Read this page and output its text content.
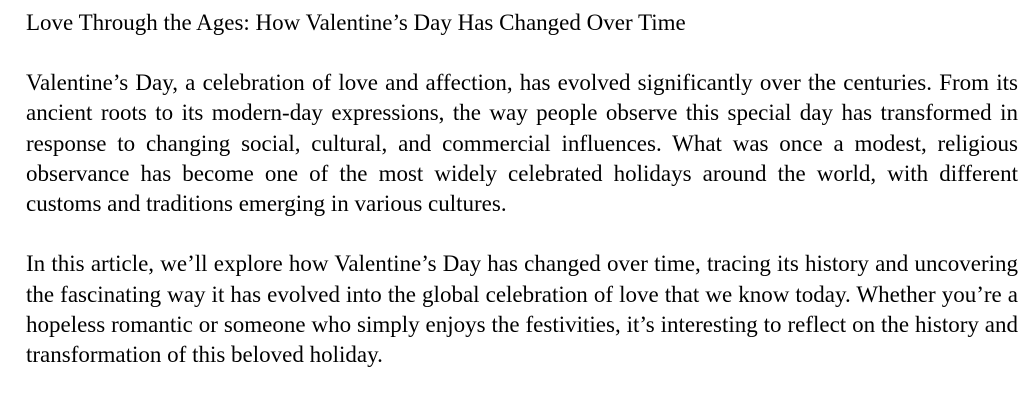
Love Through the Ages: How Valentine’s Day Has Changed Over Time

Valentine’s Day, a celebration of love and affection, has evolved significantly over the centuries. From its ancient roots to its modern-day expressions, the way people observe this special day has transformed in response to changing social, cultural, and commercial influences. What was once a modest, religious observance has become one of the most widely celebrated holidays around the world, with different customs and traditions emerging in various cultures.

In this article, we’ll explore how Valentine’s Day has changed over time, tracing its history and uncovering the fascinating way it has evolved into the global celebration of love that we know today. Whether you’re a hopeless romantic or someone who simply enjoys the festivities, it’s interesting to reflect on the history and transformation of this beloved holiday.
